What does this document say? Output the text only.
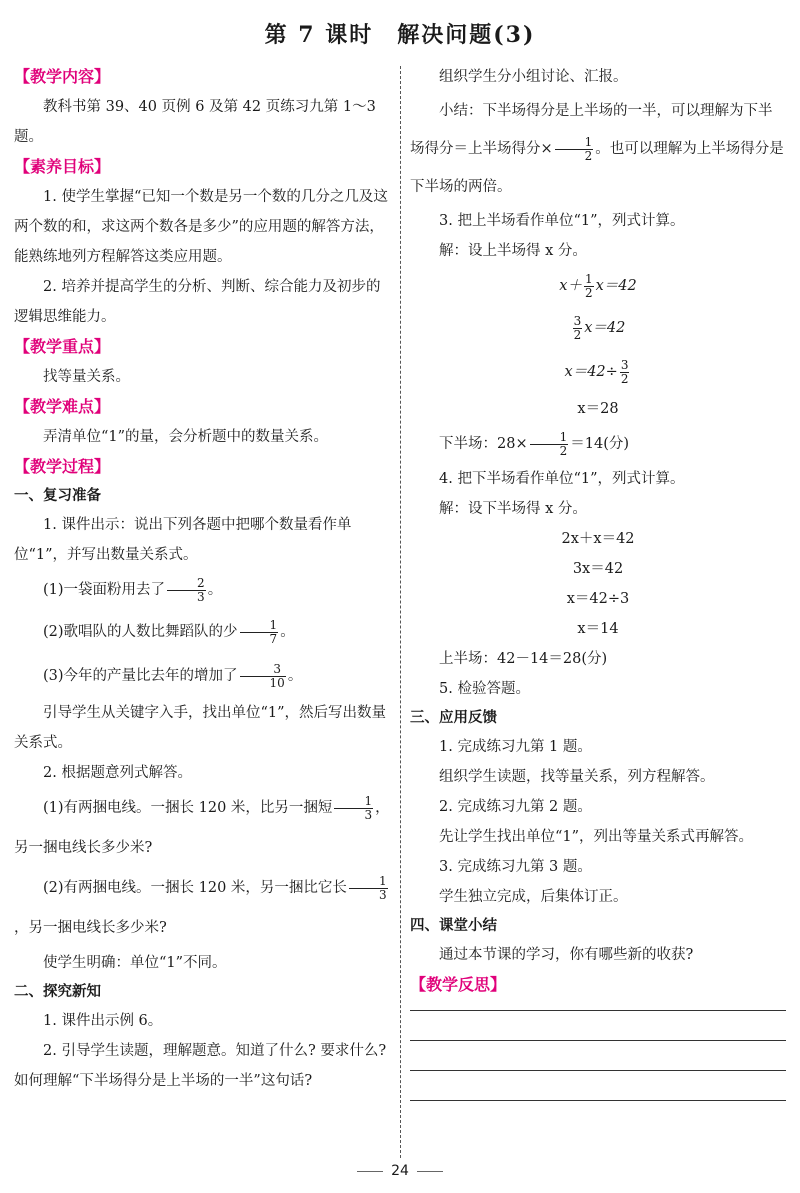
第 7 课时　解决问题(3)

【教学内容】

教科书第 39、40 页例 6 及第 42 页练习九第 1～3 题。

【素养目标】

1. 使学生掌握“已知一个数是另一个数的几分之几及这两个数的和，求这两个数各是多少”的应用题的解答方法，能熟练地列方程解答这类应用题。

2. 培养并提高学生的分析、判断、综合能力及初步的逻辑思维能力。

【教学重点】

找等量关系。

【教学难点】

弄清单位“1”的量，会分析题中的数量关系。

【教学过程】

一、复习准备

1. 课件出示：说出下列各题中把哪个数量看作单位“1”，并写出数量关系式。

(1)一袋面粉用去了 $\frac{2}{3}$ 。

(2)歌唱队的人数比舞蹈队的少 $\frac{1}{7}$ 。

(3)今年的产量比去年的增加了 $\frac{3}{10}$ 。

引导学生从关键字入手，找出单位“1”，然后写出数量关系式。

2. 根据题意列式解答。

(1)有两捆电线。一捆长 120 米，比另一捆短 $\frac{1}{3}$ ，另一捆电线长多少米?

(2)有两捆电线。一捆长 120 米，另一捆比它长 $\frac{1}{3}$
，另一捆电线长多少米?

使学生明确：单位“1”不同。

二、探究新知

1. 课件出示例 6。

2. 引导学生读题，理解题意。知道了什么? 要求什么? 如何理解“下半场得分是上半场的一半”这句话?

组织学生分小组讨论、汇报。

小结：下半场得分是上半场的一半，可以理解为下半场得分＝上半场得分× $\frac{1}{2}$ 。也可以理解为上半场得分是下半场的两倍。

3. 把上半场看作单位“1”，列式计算。

解：设上半场得 x 分。

$x+ \frac{1}{2} x=42$

$\frac{3}{2} x=42$

$x=42\div \frac{3}{2}$

x＝28

下半场：$28\times \frac{1}{2} =14$(分)

4. 把下半场看作单位“1”，列式计算。

解：设下半场得 x 分。

2x＋x＝42

3x＝42

x＝42÷3

x＝14

上半场：42－14＝28(分)

5. 检验答题。

三、应用反馈

1. 完成练习九第 1 题。

组织学生读题，找等量关系，列方程解答。

2. 完成练习九第 2 题。

先让学生找出单位“1”，列出等量关系式再解答。

3. 完成练习九第 3 题。

学生独立完成，后集体订正。

四、课堂小结

通过本节课的学习，你有哪些新的收获?

【教学反思】

24
